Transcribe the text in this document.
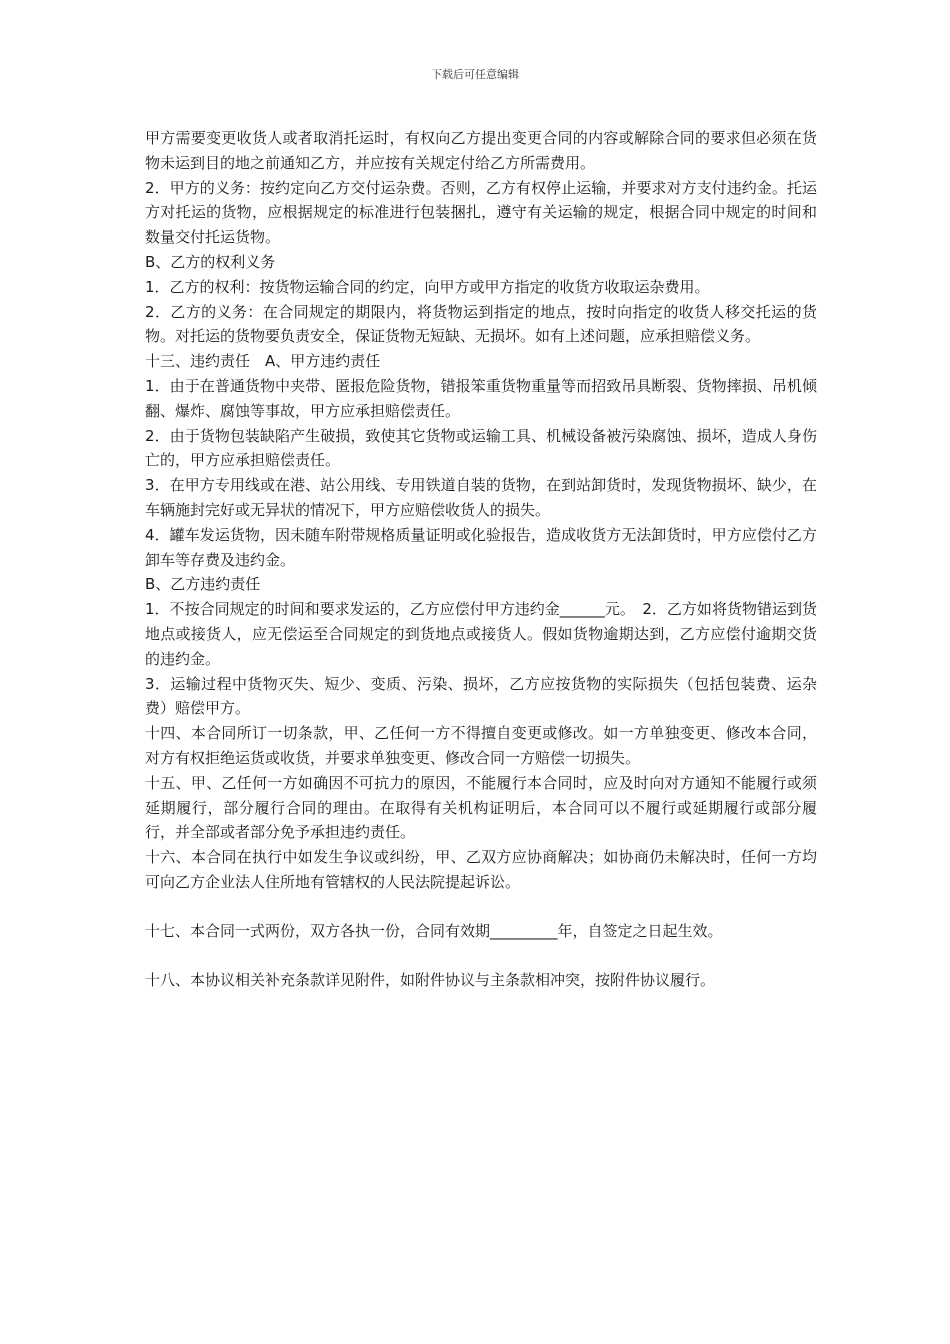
下载后可任意编辑

甲方需要变更收货人或者取消托运时，有权向乙方提出变更合同的内容或解除合同的要求但必须在货物未运到目的地之前通知乙方，并应按有关规定付给乙方所需费用。

2．甲方的义务：按约定向乙方交付运杂费。否则，乙方有权停止运输，并要求对方支付违约金。托运方对托运的货物，应根据规定的标准进行包装捆扎，遵守有关运输的规定，根据合同中规定的时间和数量交付托运货物。

B、乙方的权利义务

1．乙方的权利：按货物运输合同的约定，向甲方或甲方指定的收货方收取运杂费用。

2．乙方的义务：在合同规定的期限内，将货物运到指定的地点，按时向指定的收货人移交托运的货物。对托运的货物要负责安全，保证货物无短缺、无损坏。如有上述问题，应承担赔偿义务。

十三、违约责任　A、甲方违约责任

1．由于在普通货物中夹带、匿报危险货物，错报笨重货物重量等而招致吊具断裂、货物摔损、吊机倾翻、爆炸、腐蚀等事故，甲方应承担赔偿责任。

2．由于货物包装缺陷产生破损，致使其它货物或运输工具、机械设备被污染腐蚀、损坏，造成人身伤亡的，甲方应承担赔偿责任。

3．在甲方专用线或在港、站公用线、专用铁道自装的货物，在到站卸货时，发现货物损坏、缺少，在车辆施封完好或无异状的情况下，甲方应赔偿收货人的损失。

4．罐车发运货物，因未随车附带规格质量证明或化验报告，造成收货方无法卸货时，甲方应偿付乙方卸车等存费及违约金。

B、乙方违约责任

1．不按合同规定的时间和要求发运的，乙方应偿付甲方违约金______元。　2．乙方如将货物错运到货地点或接货人，应无偿运至合同规定的到货地点或接货人。假如货物逾期达到，乙方应偿付逾期交货的违约金。

3．运输过程中货物灭失、短少、变质、污染、损坏，乙方应按货物的实际损失（包括包装费、运杂费）赔偿甲方。

十四、本合同所订一切条款，甲、乙任何一方不得擅自变更或修改。如一方单独变更、修改本合同，对方有权拒绝运货或收货，并要求单独变更、修改合同一方赔偿一切损失。

十五、甲、乙任何一方如确因不可抗力的原因，不能履行本合同时，应及时向对方通知不能履行或须延期履行，部分履行合同的理由。在取得有关机构证明后，本合同可以不履行或延期履行或部分履行，并全部或者部分免予承担违约责任。

十六、本合同在执行中如发生争议或纠纷，甲、乙双方应协商解决；如协商仍未解决时，任何一方均可向乙方企业法人住所地有管辖权的人民法院提起诉讼。

十七、本合同一式两份，双方各执一份，合同有效期_________年，自签定之日起生效。

十八、本协议相关补充条款详见附件，如附件协议与主条款相冲突，按附件协议履行。
